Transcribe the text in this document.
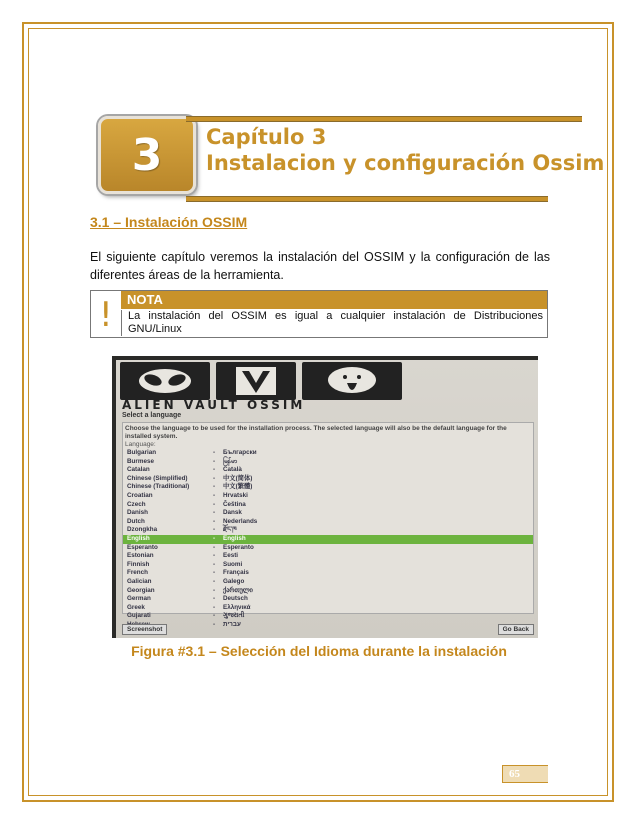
3 Capítulo 3
Instalacion y configuración Ossim
3.1 – Instalación OSSIM
El siguiente capítulo veremos la instalación del OSSIM y la configuración de las diferentes áreas de la herramienta.
!	NOTA
La instalación del OSSIM es igual a cualquier instalación de Distribuciones GNU/Linux
ALIEN VAULT OSSIM
Select a language
Choose the language to be used for the installation process. The selected language will also be the default language for the installed system.
Language:
Bulgarian	- Български
Burmese	- မြန်မာ
Catalan	- Català
Chinese (Simplified)	- 中文(简体)
Chinese (Traditional)	- 中文(繁體)
Croatian	- Hrvatski
Czech	- Čeština
Danish	- Dansk
Dutch	- Nederlands
Dzongkha	- རྫོང་ཁ
English	- English
Esperanto	- Esperanto
Estonian	- Eesti
Finnish	- Suomi
French	- Français
Galician	- Galego
Georgian	- ქართული
German	- Deutsch
Greek	- Ελληνικά
Gujarati	- ગુજરાતી
- עברית
Screenshot	Go Back
Figura #3.1 – Selección del Idioma durante la instalación
65
